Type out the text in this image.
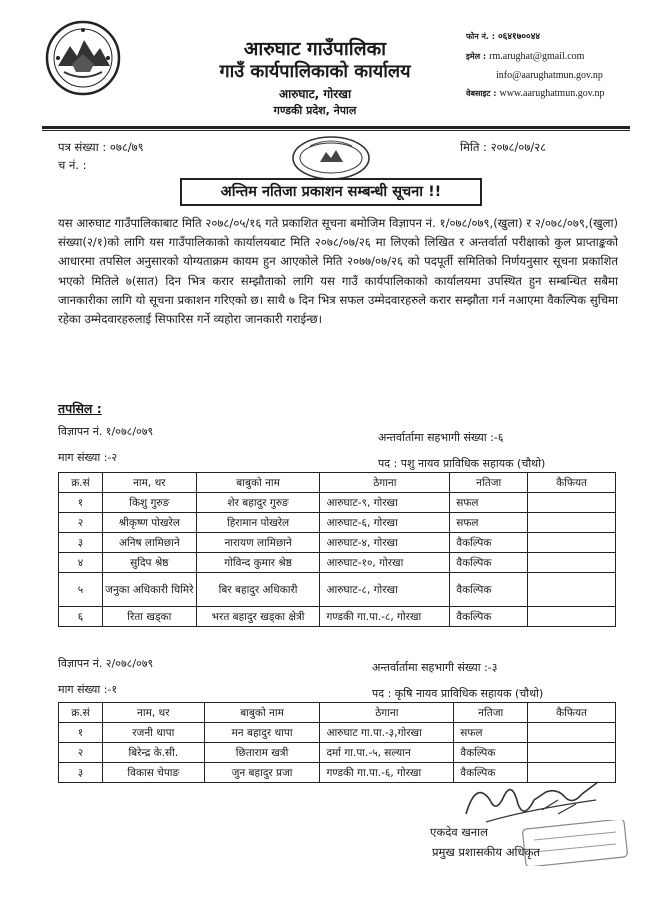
आरुघाट गाउँपालिका
गाउँ कार्यपालिकाको कार्यालय
आरुघाट, गोरखा
गण्डकी प्रदेश, नेपाल
फोन नं. : ०६४१७००४४
इमेल : rm.arughat@gmail.com
info@aarughatmun.gov.np
वेबसाइट : www.aarughatmun.gov.np
पत्र संख्या : ०७८/७९
च नं. :
मिति : २०७८/०७/२८
अन्तिम नतिजा प्रकाशन सम्बन्धी सूचना !!
यस आरुघाट गाउँपालिकाबाट मिति २०७८/०५/१६ गते प्रकाशित सूचना बमोजिम विज्ञापन नं. १/०७८/०७९,(खुला) र २/०७८/०७९,(खुला) संख्या(२/१)को लागि यस गाउँपालिकाको कार्यालयबाट मिति २०७८/०७/२६ मा लिएको लिखित र अन्तर्वार्ता परीक्षाको कुल प्राप्ताङ्कको आधारमा तपसिल अनुसारको योग्यताक्रम कायम हुन आएकोले मिति २०७७/०७/२६ को पदपूर्ती समितिको निर्णयनुसार सूचना प्रकाशित भएको मितिले ७(सात) दिन भित्र करार सम्झौताको लागि यस गाउँ कार्यपालिकाको कार्यालयमा उपस्थित हुन सम्बन्धित सबैमा जानकारीका लागि यो सूचना प्रकाशन गरिएको छ। साथै ७ दिन भित्र सफल उम्मेदवारहरुले करार सम्झौता गर्न नआएमा वैकल्पिक सुचिमा रहेका उम्मेदवारहरुलाई सिफारिस गर्ने व्यहोरा जानकारी गराईन्छ।
तपसिल :
विज्ञापन नं. १/०७८/०७९	अन्तर्वार्तामा सहभागी संख्या :-६
माग संख्या :-२	पद : पशु नायव प्राविधिक सहायक (चौथो)
क्र.सं	नाम, थर	बाबुको नाम	ठेगाना	नतिजा	कैफियत
१	किशु गुरुङ	शेर बहादुर गुरुङ	आरुघाट-९, गोरखा	सफल	
२	श्रीकृष्ण पोखरेल	हिरामान पोखरेल	आरुघाट-६, गोरखा	सफल	
३	अनिष लामिछाने	नारायण लामिछाने	आरुघाट-४, गोरखा	वैकल्पिक	
४	सुदिप श्रेष्ठ	गोविन्द कुमार श्रेष्ठ	आरुघाट-१०, गोरखा	वैकल्पिक	
५	जनुका अधिकारी घिमिरे	बिर बहादुर अधिकारी	आरुघाट-८, गोरखा	वैकल्पिक	
६	रिता खड्का	भरत बहादुर खड्का क्षेत्री	गण्डकी गा.पा.-८, गोरखा	वैकल्पिक	
विज्ञापन नं. २/०७८/०७९	अन्तर्वार्तामा सहभागी संख्या :-३
माग संख्या :-१	पद : कृषि नायव प्राविधिक सहायक (चौथो)
क्र.सं	नाम, थर	बाबुको नाम	ठेगाना	नतिजा	कैफियत
१	रजनी थापा	मन बहादुर थापा	आरुघाट गा.पा.-३,गोरखा	सफल	
२	बिरेन्द्र के.सी.	छिताराम खत्री	दर्मा गा.पा.-५, सल्यान	वैकल्पिक	
३	विकास चेपाङ	जुन बहादुर प्रजा	गण्डकी गा.पा.-६, गोरखा	वैकल्पिक	
एकदेव खनाल
प्रमुख प्रशासकीय अधिकृत
